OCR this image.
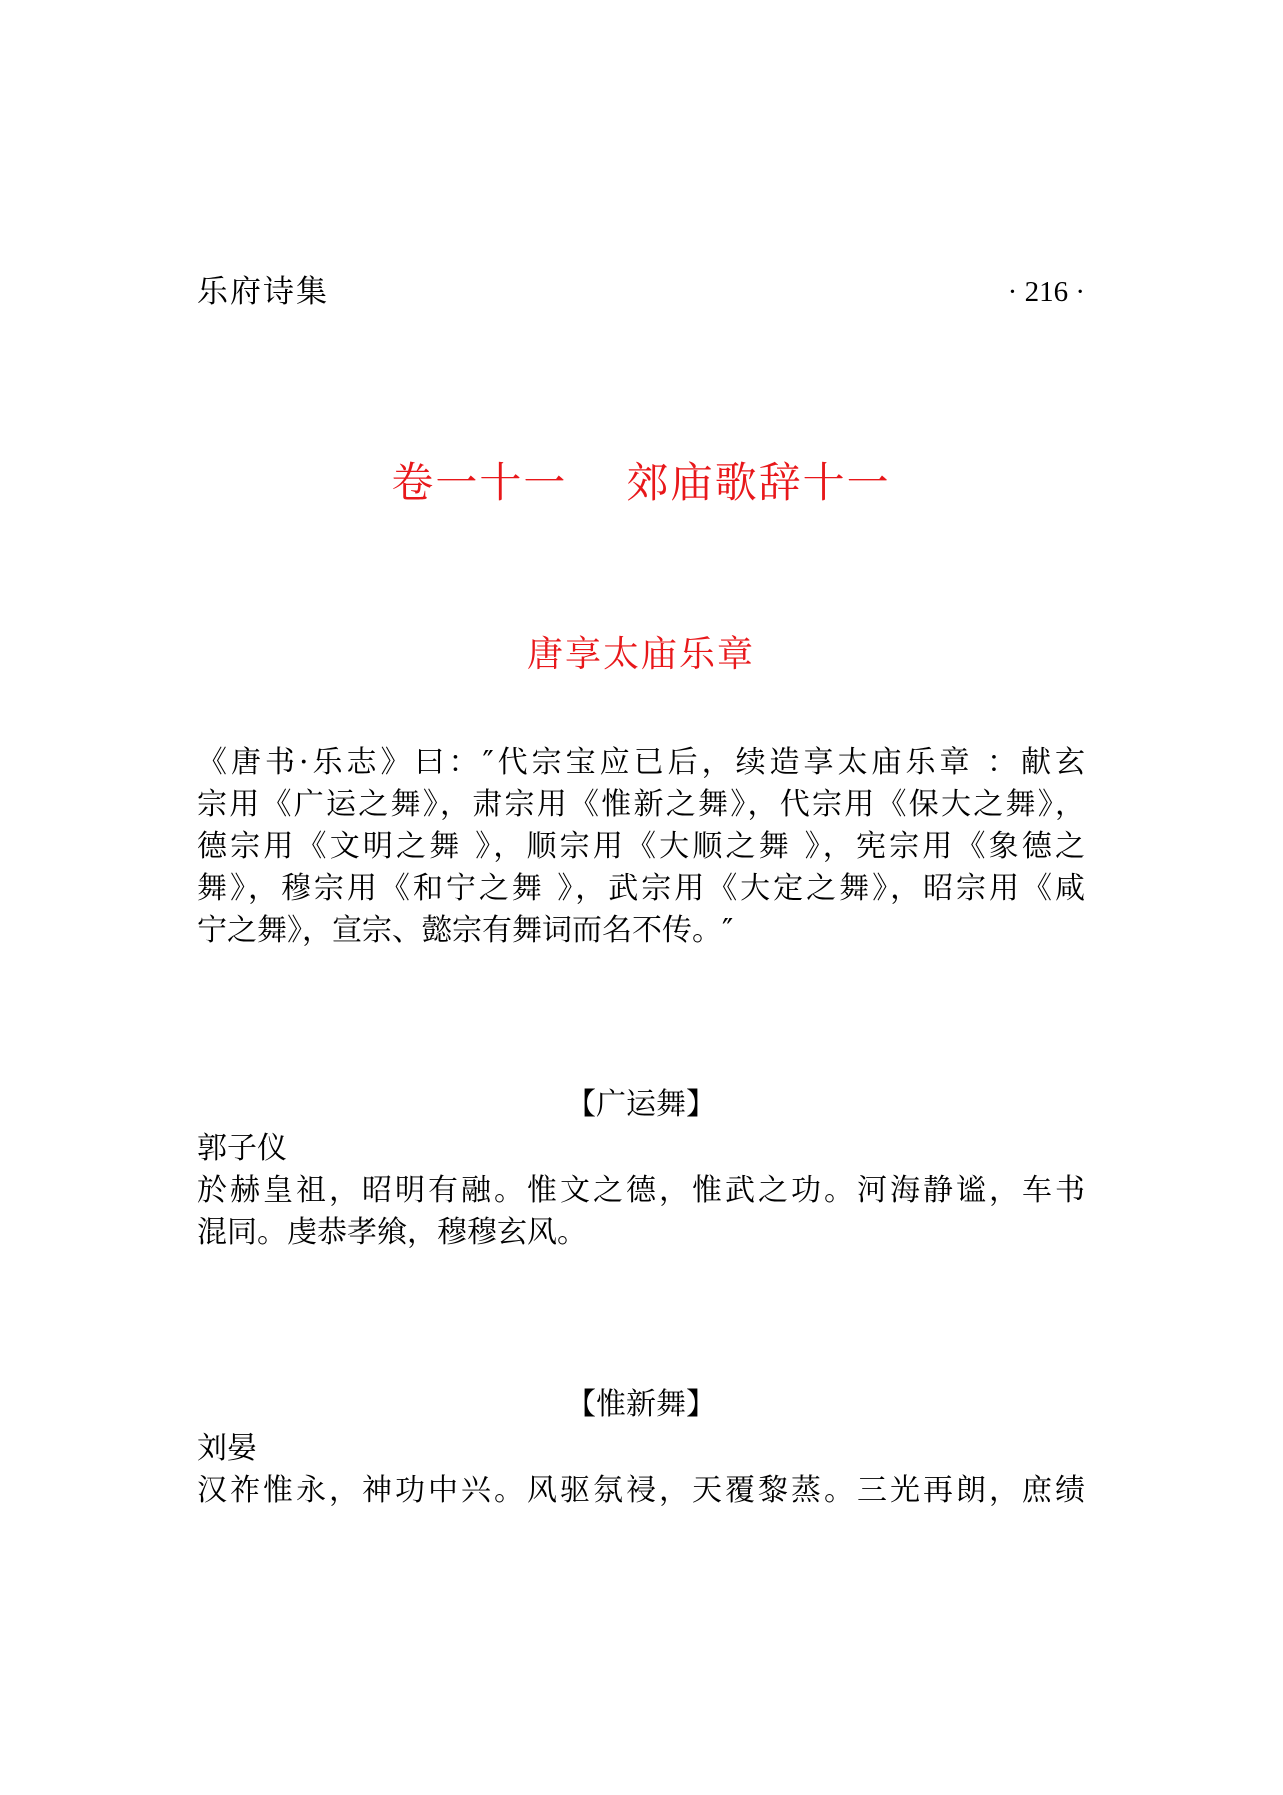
乐府诗集	· 216 ·
卷一十一　 郊庙歌辞十一
唐享太庙乐章
《唐书·乐志》曰：″代宗宝应已后，续造享太庙乐章 ：献玄
宗用《广运之舞》，肃宗用《惟新之舞》，代宗用《保大之舞》，
德宗用《文明之舞 》，顺宗用《大顺之舞 》，宪宗用《象德之
舞》，穆宗用《和宁之舞 》，武宗用《大定之舞》，昭宗用《咸
宁之舞》，宣宗、懿宗有舞词而名不传。″
【广运舞】
郭子仪
於赫皇祖，昭明有融。惟文之德，惟武之功。河海静谧，车书
混同。虔恭孝飨，穆穆玄风。
【惟新舞】
刘晏
汉祚惟永，神功中兴。风驱氛祲，天覆黎蒸。三光再朗，庶绩
